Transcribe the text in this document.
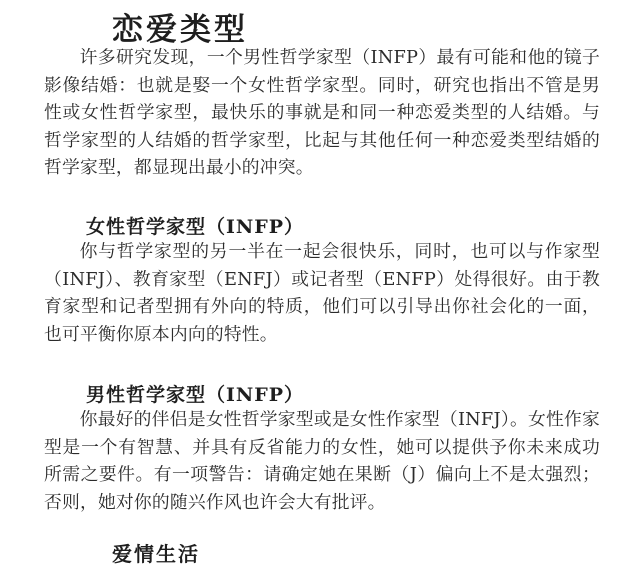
恋爱类型
许多研究发现，一个男性哲学家型（INFP）最有可能和他的镜子影像结婚：也就是娶一个女性哲学家型。同时，研究也指出不管是男性或女性哲学家型，最快乐的事就是和同一种恋爱类型的人结婚。与哲学家型的人结婚的哲学家型，比起与其他任何一种恋爱类型结婚的哲学家型，都显现出最小的冲突。
女性哲学家型（INFP）
你与哲学家型的另一半在一起会很快乐，同时，也可以与作家型（INFJ）、教育家型（ENFJ）或记者型（ENFP）处得很好。由于教育家型和记者型拥有外向的特质，他们可以引导出你社会化的一面，也可平衡你原本内向的特性。
男性哲学家型（INFP）
你最好的伴侣是女性哲学家型或是女性作家型（INFJ）。女性作家型是一个有智慧、并具有反省能力的女性，她可以提供予你未来成功所需之要件。有一项警告：请确定她在果断（J）偏向上不是太强烈；否则，她对你的随兴作风也许会大有批评。
爱情生活
